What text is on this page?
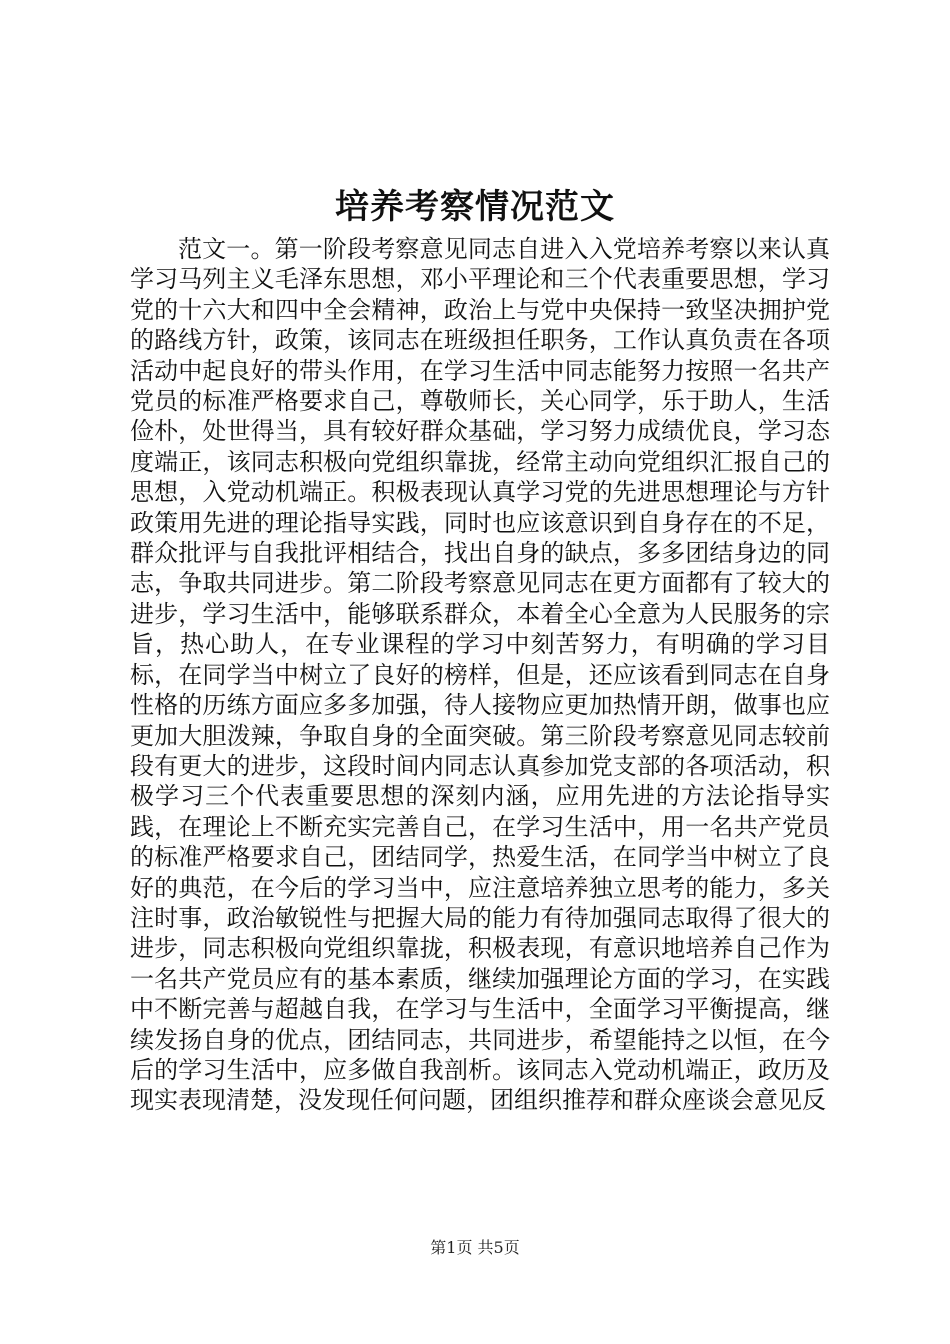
培养考察情况范文

范文一。第一阶段考察意见同志自进入入党培养考察以来认真学习马列主义毛泽东思想，邓小平理论和三个代表重要思想，学习党的十六大和四中全会精神，政治上与党中央保持一致坚决拥护党的路线方针，政策，该同志在班级担任职务，工作认真负责在各项活动中起良好的带头作用，在学习生活中同志能努力按照一名共产党员的标准严格要求自己，尊敬师长，关心同学，乐于助人，生活俭朴，处世得当，具有较好群众基础，学习努力成绩优良，学习态度端正，该同志积极向党组织靠拢，经常主动向党组织汇报自己的思想，入党动机端正。积极表现认真学习党的先进思想理论与方针政策用先进的理论指导实践，同时也应该意识到自身存在的不足，群众批评与自我批评相结合，找出自身的缺点，多多团结身边的同志，争取共同进步。第二阶段考察意见同志在更方面都有了较大的进步，学习生活中，能够联系群众，本着全心全意为人民服务的宗旨，热心助人，在专业课程的学习中刻苦努力，有明确的学习目标，在同学当中树立了良好的榜样，但是，还应该看到同志在自身性格的历练方面应多多加强，待人接物应更加热情开朗，做事也应更加大胆泼辣，争取自身的全面突破。第三阶段考察意见同志较前段有更大的进步，这段时间内同志认真参加党支部的各项活动，积极学习三个代表重要思想的深刻内涵，应用先进的方法论指导实践，在理论上不断充实完善自己，在学习生活中，用一名共产党员的标准严格要求自己，团结同学，热爱生活，在同学当中树立了良好的典范，在今后的学习当中，应注意培养独立思考的能力，多关注时事，政治敏锐性与把握大局的能力有待加强同志取得了很大的进步，同志积极向党组织靠拢，积极表现，有意识地培养自己作为一名共产党员应有的基本素质，继续加强理论方面的学习，在实践中不断完善与超越自我，在学习与生活中，全面学习平衡提高，继续发扬自身的优点，团结同志，共同进步，希望能持之以恒，在今后的学习生活中，应多做自我剖析。该同志入党动机端正，政历及现实表现清楚，没发现任何问题，团组织推荐和群众座谈会意见反

第1页 共5页
